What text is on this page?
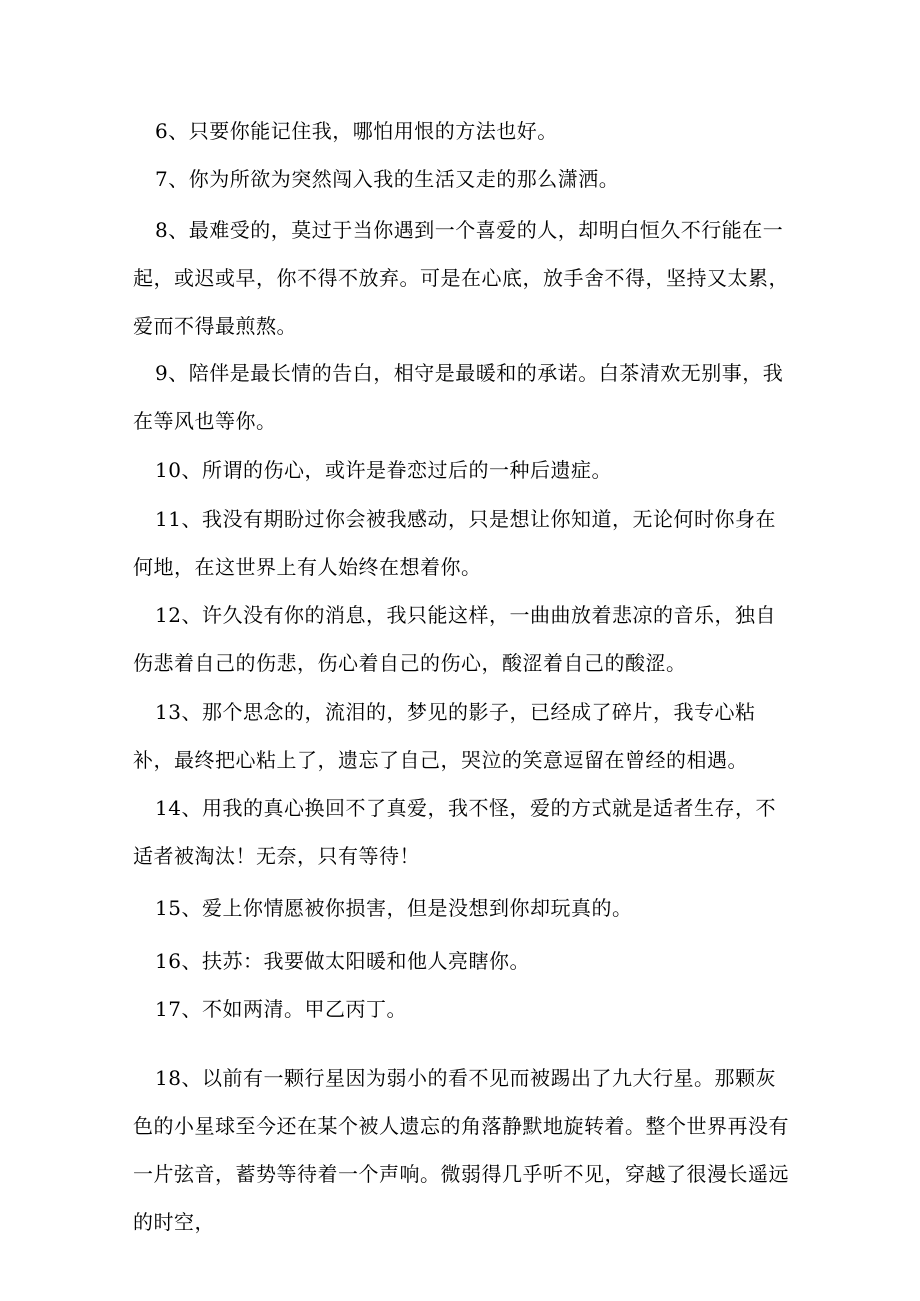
6、只要你能记住我，哪怕用恨的方法也好。

7、你为所欲为突然闯入我的生活又走的那么潇洒。

8、最难受的，莫过于当你遇到一个喜爱的人，却明白恒久不行能在一起，或迟或早，你不得不放弃。可是在心底，放手舍不得，坚持又太累，爱而不得最煎熬。

9、陪伴是最长情的告白，相守是最暖和的承诺。白茶清欢无别事，我在等风也等你。

10、所谓的伤心，或许是眷恋过后的一种后遗症。

11、我没有期盼过你会被我感动，只是想让你知道，无论何时你身在何地，在这世界上有人始终在想着你。

12、许久没有你的消息，我只能这样，一曲曲放着悲凉的音乐，独自伤悲着自己的伤悲，伤心着自己的伤心，酸涩着自己的酸涩。

13、那个思念的，流泪的，梦见的影子，已经成了碎片，我专心粘补，最终把心粘上了，遗忘了自己，哭泣的笑意逗留在曾经的相遇。

14、用我的真心换回不了真爱，我不怪，爱的方式就是适者生存，不适者被淘汰！无奈，只有等待！

15、爱上你情愿被你损害，但是没想到你却玩真的。

16、扶苏：我要做太阳暖和他人亮瞎你。

17、不如两清。甲乙丙丁。

18、以前有一颗行星因为弱小的看不见而被踢出了九大行星。那颗灰色的小星球至今还在某个被人遗忘的角落静默地旋转着。整个世界再没有一片弦音，蓄势等待着一个声响。微弱得几乎听不见，穿越了很漫长遥远的时空，
